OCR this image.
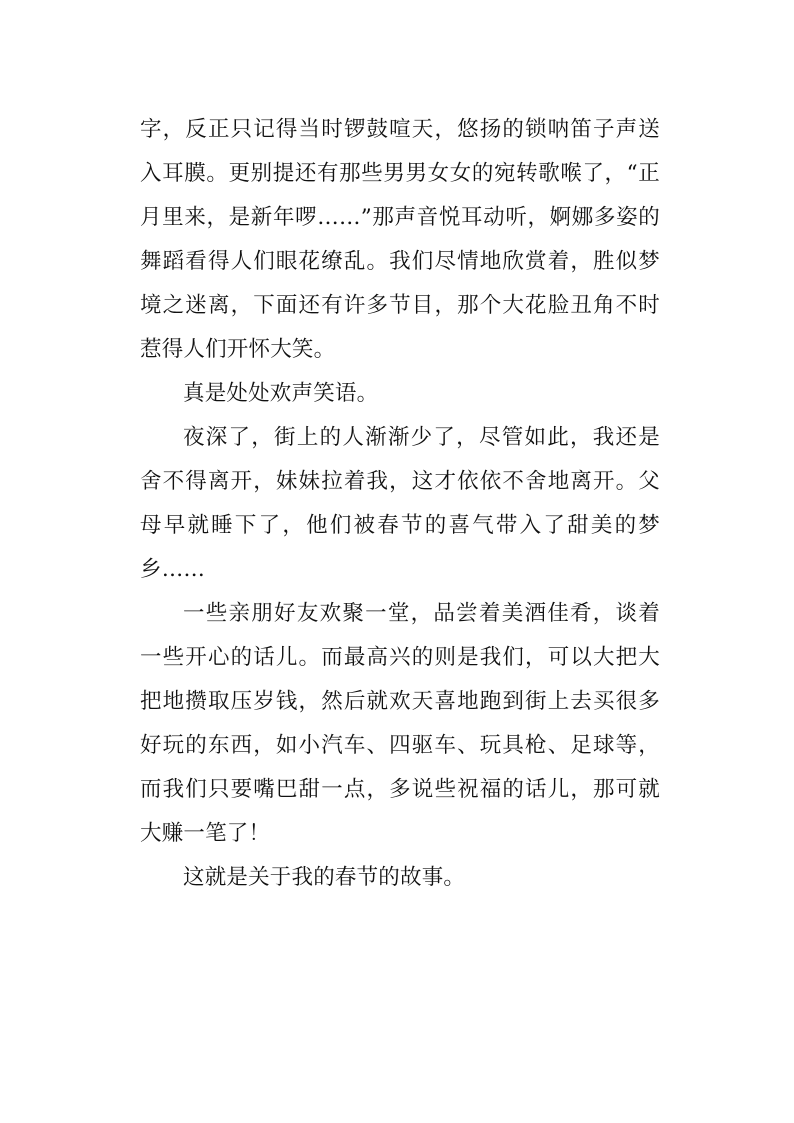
字，反正只记得当时锣鼓喧天，悠扬的锁呐笛子声送入耳膜。更别提还有那些男男女女的宛转歌喉了，“正月里来，是新年啰……”那声音悦耳动听，婀娜多姿的舞蹈看得人们眼花缭乱。我们尽情地欣赏着，胜似梦境之迷离，下面还有许多节目，那个大花脸丑角不时惹得人们开怀大笑。

真是处处欢声笑语。

夜深了，街上的人渐渐少了，尽管如此，我还是舍不得离开，妹妹拉着我，这才依依不舍地离开。父母早就睡下了，他们被春节的喜气带入了甜美的梦乡……

一些亲朋好友欢聚一堂，品尝着美酒佳肴，谈着一些开心的话儿。而最高兴的则是我们，可以大把大把地攒取压岁钱，然后就欢天喜地跑到街上去买很多好玩的东西，如小汽车、四驱车、玩具枪、足球等，而我们只要嘴巴甜一点，多说些祝福的话儿，那可就大赚一笔了！

这就是关于我的春节的故事。
